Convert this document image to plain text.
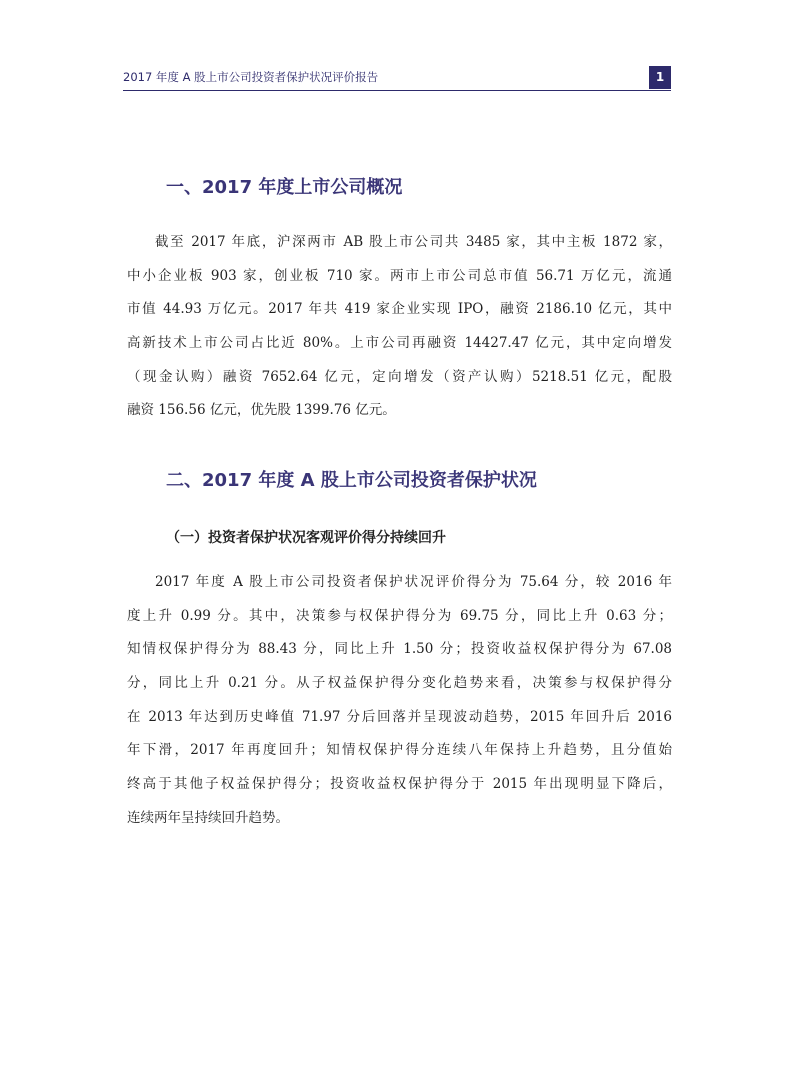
2017 年度 A 股上市公司投资者保护状况评价报告	1
一、2017 年度上市公司概况
截至 2017 年底，沪深两市 AB 股上市公司共 3485 家，其中主板 1872 家，
中小企业板 903 家，创业板 710 家。两市上市公司总市值 56.71 万亿元，流通
市值 44.93 万亿元。2017 年共 419 家企业实现 IPO，融资 2186.10 亿元，其中
高新技术上市公司占比近 80%。上市公司再融资 14427.47 亿元，其中定向增发
（现金认购）融资 7652.64 亿元，定向增发（资产认购）5218.51 亿元，配股
融资 156.56 亿元，优先股 1399.76 亿元。
二、2017 年度 A 股上市公司投资者保护状况
（一）投资者保护状况客观评价得分持续回升
2017 年度 A 股上市公司投资者保护状况评价得分为 75.64 分，较 2016 年
度上升 0.99 分。其中，决策参与权保护得分为 69.75 分，同比上升 0.63 分；
知情权保护得分为 88.43 分，同比上升 1.50 分；投资收益权保护得分为 67.08
分，同比上升 0.21 分。从子权益保护得分变化趋势来看，决策参与权保护得分
在 2013 年达到历史峰值 71.97 分后回落并呈现波动趋势，2015 年回升后 2016
年下滑，2017 年再度回升；知情权保护得分连续八年保持上升趋势，且分值始
终高于其他子权益保护得分；投资收益权保护得分于 2015 年出现明显下降后，
连续两年呈持续回升趋势。
